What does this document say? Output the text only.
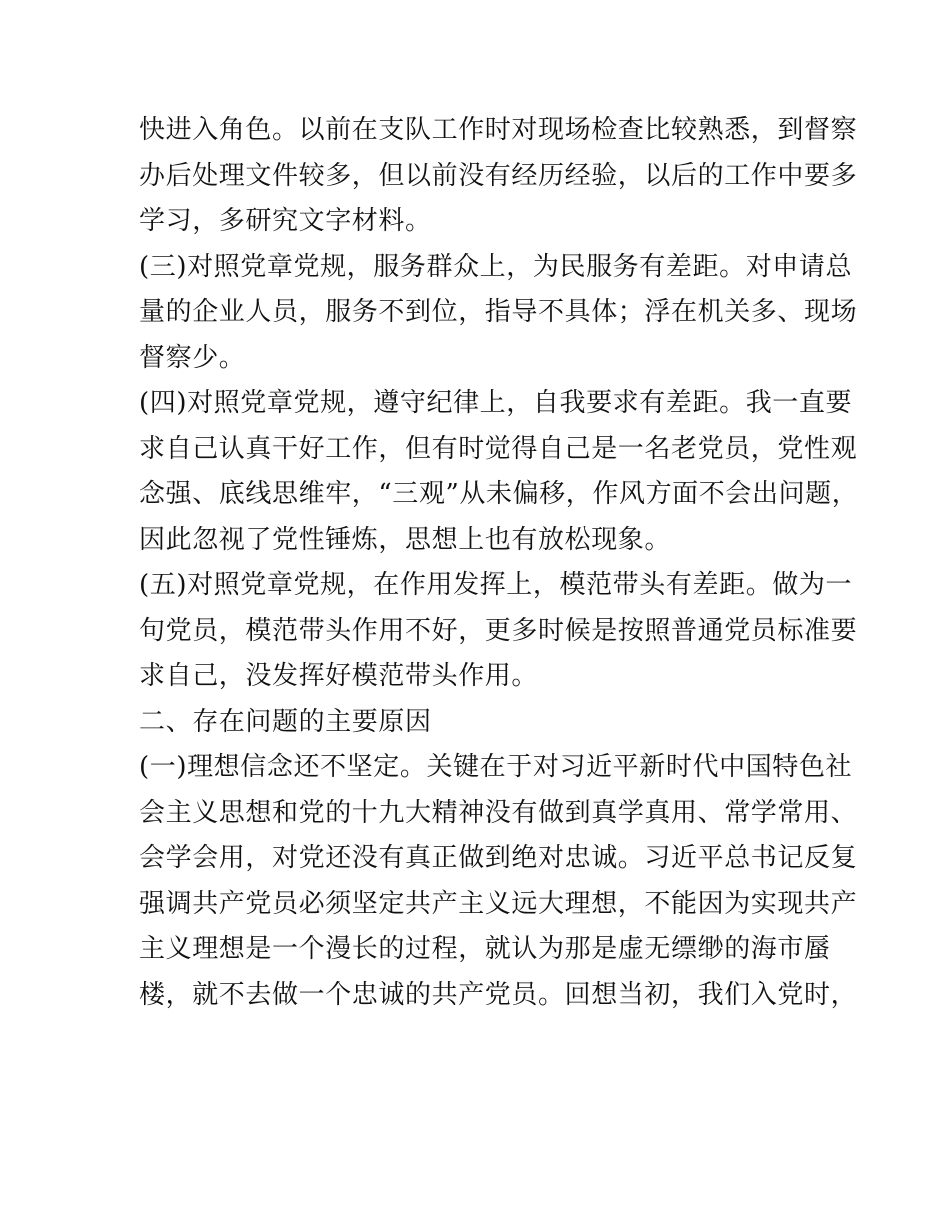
快进入角色。以前在支队工作时对现场检查比较熟悉，到督察
办后处理文件较多，但以前没有经历经验，以后的工作中要多
学习，多研究文字材料。
(三)对照党章党规，服务群众上，为民服务有差距。对申请总
量的企业人员，服务不到位，指导不具体；浮在机关多、现场
督察少。
(四)对照党章党规，遵守纪律上，自我要求有差距。我一直要
求自己认真干好工作，但有时觉得自己是一名老党员，党性观
念强、底线思维牢，“三观”从未偏移，作风方面不会出问题，
因此忽视了党性锤炼，思想上也有放松现象。
(五)对照党章党规，在作用发挥上，模范带头有差距。做为一
句党员，模范带头作用不好，更多时候是按照普通党员标准要
求自己，没发挥好模范带头作用。
二、存在问题的主要原因
(一)理想信念还不坚定。关键在于对习近平新时代中国特色社
会主义思想和党的十九大精神没有做到真学真用、常学常用、
会学会用，对党还没有真正做到绝对忠诚。习近平总书记反复
强调共产党员必须坚定共产主义远大理想，不能因为实现共产
主义理想是一个漫长的过程，就认为那是虚无缥缈的海市蜃
楼，就不去做一个忠诚的共产党员。回想当初，我们入党时，
